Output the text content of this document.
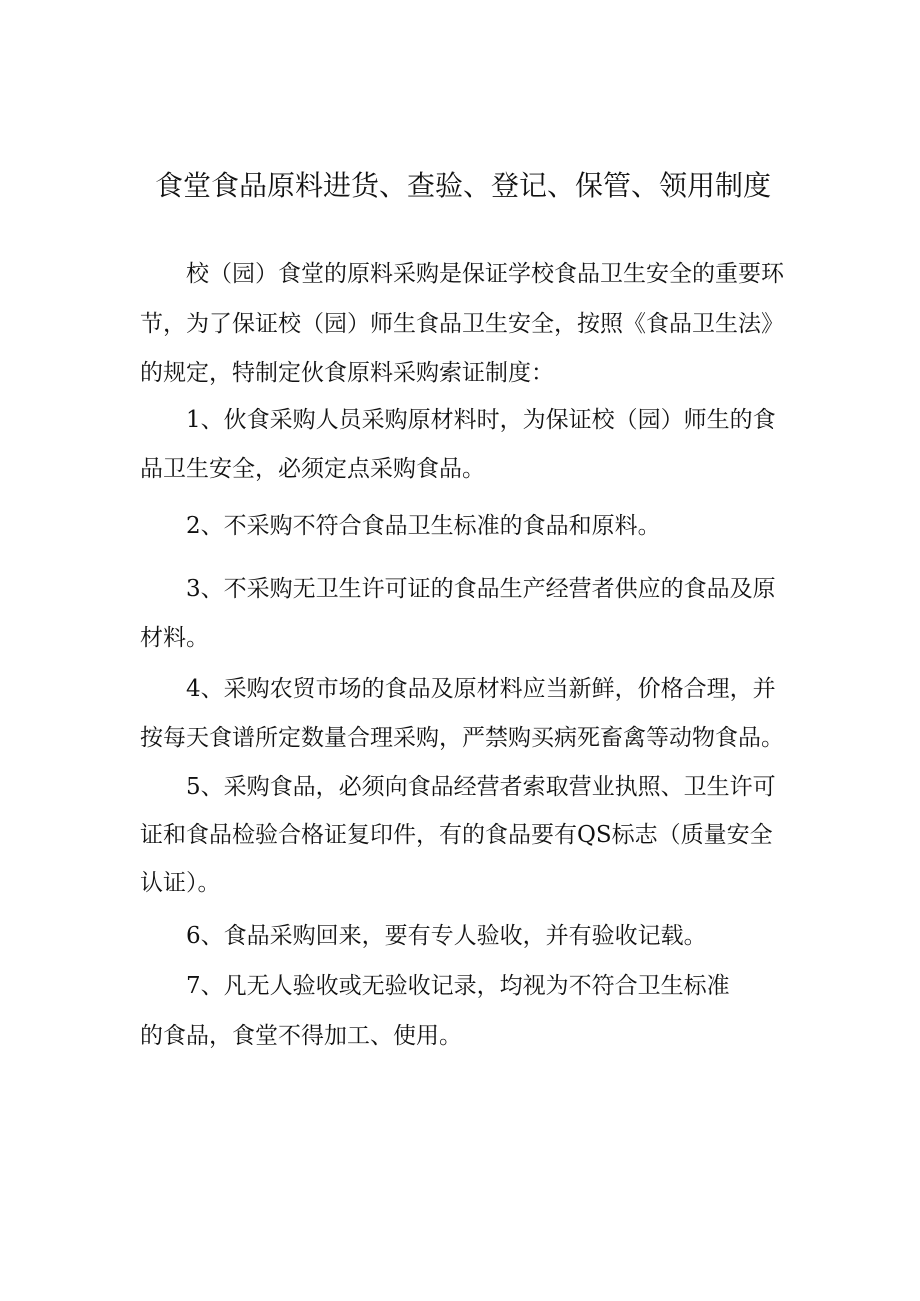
食堂食品原料进货、查验、登记、保管、领用制度
校（园）食堂的原料采购是保证学校食品卫生安全的重要环
节，为了保证校（园）师生食品卫生安全，按照《食品卫生法》
的规定，特制定伙食原料采购索证制度：
1、伙食采购人员采购原材料时，为保证校（园）师生的食
品卫生安全，必须定点采购食品。
2、不采购不符合食品卫生标准的食品和原料。
3、不采购无卫生许可证的食品生产经营者供应的食品及原
材料。
4、采购农贸市场的食品及原材料应当新鲜，价格合理，并
按每天食谱所定数量合理采购，严禁购买病死畜禽等动物食品。
5、采购食品，必须向食品经营者索取营业执照、卫生许可
证和食品检验合格证复印件，有的食品要有QS标志（质量安全
认证）。
6、食品采购回来，要有专人验收，并有验收记载。
7、凡无人验收或无验收记录，均视为不符合卫生标准
的食品，食堂不得加工、使用。
